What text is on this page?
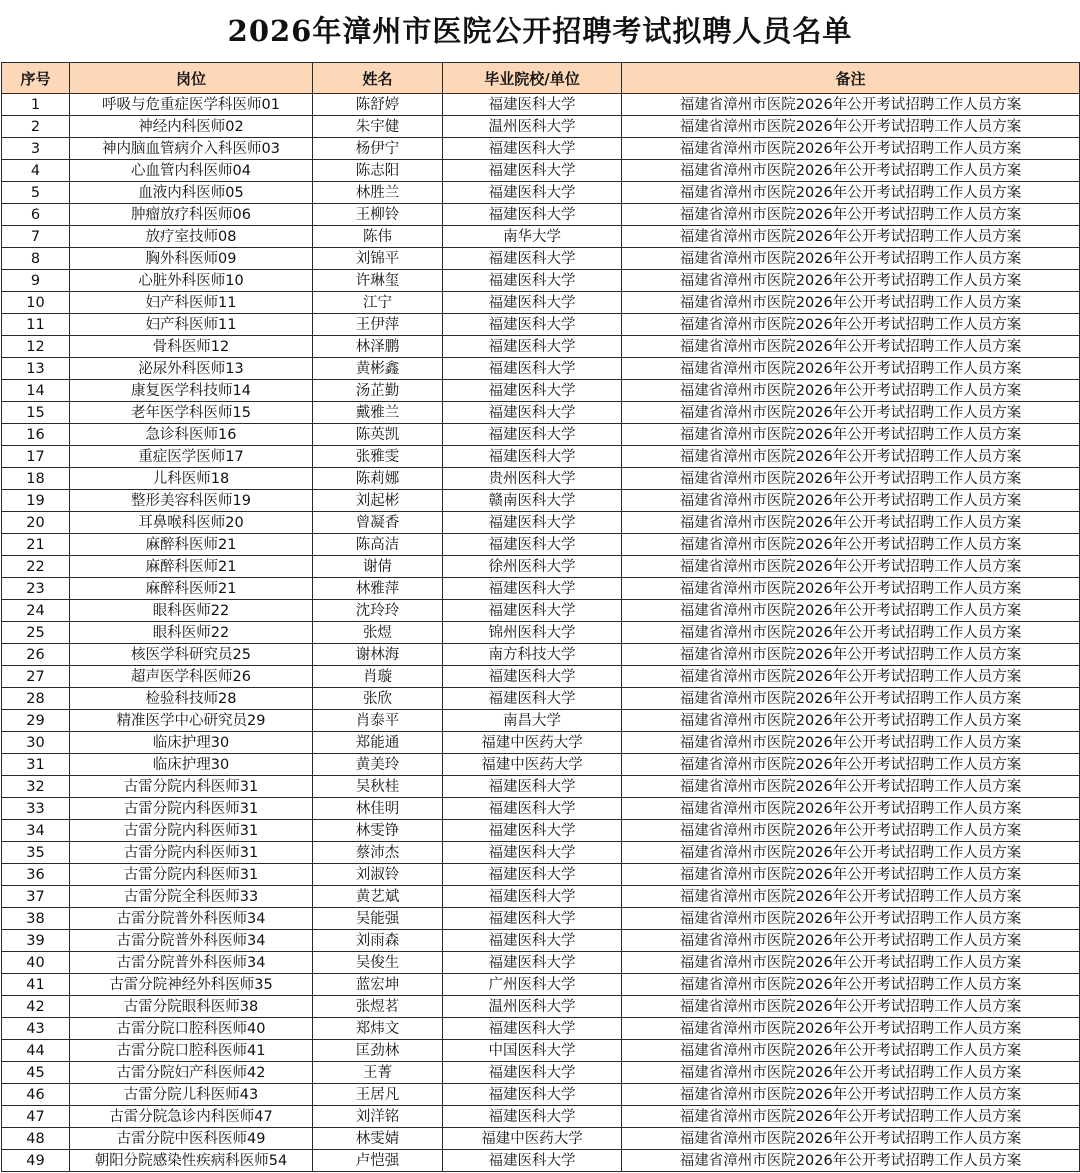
2026年漳州市医院公开招聘考试拟聘人员名单
序号	岗位	姓名	毕业院校/单位	备注
1	呼吸与危重症医学科医师01	陈舒婷	福建医科大学	福建省漳州市医院2026年公开考试招聘工作人员方案
2	神经内科医师02	朱宇健	温州医科大学	福建省漳州市医院2026年公开考试招聘工作人员方案
3	神内脑血管病介入科医师03	杨伊宁	福建医科大学	福建省漳州市医院2026年公开考试招聘工作人员方案
4	心血管内科医师04	陈志阳	福建医科大学	福建省漳州市医院2026年公开考试招聘工作人员方案
5	血液内科医师05	林胜兰	福建医科大学	福建省漳州市医院2026年公开考试招聘工作人员方案
6	肿瘤放疗科医师06	王柳铃	福建医科大学	福建省漳州市医院2026年公开考试招聘工作人员方案
7	放疗室技师08	陈伟	南华大学	福建省漳州市医院2026年公开考试招聘工作人员方案
8	胸外科医师09	刘锦平	福建医科大学	福建省漳州市医院2026年公开考试招聘工作人员方案
9	心脏外科医师10	许琳玺	福建医科大学	福建省漳州市医院2026年公开考试招聘工作人员方案
10	妇产科医师11	江宁	福建医科大学	福建省漳州市医院2026年公开考试招聘工作人员方案
11	妇产科医师11	王伊萍	福建医科大学	福建省漳州市医院2026年公开考试招聘工作人员方案
12	骨科医师12	林泽鹏	福建医科大学	福建省漳州市医院2026年公开考试招聘工作人员方案
13	泌尿外科医师13	黄彬鑫	福建医科大学	福建省漳州市医院2026年公开考试招聘工作人员方案
14	康复医学科技师14	汤芷勤	福建医科大学	福建省漳州市医院2026年公开考试招聘工作人员方案
15	老年医学科医师15	戴雅兰	福建医科大学	福建省漳州市医院2026年公开考试招聘工作人员方案
16	急诊科医师16	陈英凯	福建医科大学	福建省漳州市医院2026年公开考试招聘工作人员方案
17	重症医学医师17	张雅雯	福建医科大学	福建省漳州市医院2026年公开考试招聘工作人员方案
18	儿科医师18	陈莉娜	贵州医科大学	福建省漳州市医院2026年公开考试招聘工作人员方案
19	整形美容科医师19	刘起彬	赣南医科大学	福建省漳州市医院2026年公开考试招聘工作人员方案
20	耳鼻喉科医师20	曾凝香	福建医科大学	福建省漳州市医院2026年公开考试招聘工作人员方案
21	麻醉科医师21	陈高洁	福建医科大学	福建省漳州市医院2026年公开考试招聘工作人员方案
22	麻醉科医师21	谢倩	徐州医科大学	福建省漳州市医院2026年公开考试招聘工作人员方案
23	麻醉科医师21	林雅萍	福建医科大学	福建省漳州市医院2026年公开考试招聘工作人员方案
24	眼科医师22	沈玲玲	福建医科大学	福建省漳州市医院2026年公开考试招聘工作人员方案
25	眼科医师22	张煜	锦州医科大学	福建省漳州市医院2026年公开考试招聘工作人员方案
26	核医学科研究员25	谢林海	南方科技大学	福建省漳州市医院2026年公开考试招聘工作人员方案
27	超声医学科医师26	肖璇	福建医科大学	福建省漳州市医院2026年公开考试招聘工作人员方案
28	检验科技师28	张欣	福建医科大学	福建省漳州市医院2026年公开考试招聘工作人员方案
29	精准医学中心研究员29	肖泰平	南昌大学	福建省漳州市医院2026年公开考试招聘工作人员方案
30	临床护理30	郑能通	福建中医药大学	福建省漳州市医院2026年公开考试招聘工作人员方案
31	临床护理30	黄美玲	福建中医药大学	福建省漳州市医院2026年公开考试招聘工作人员方案
32	古雷分院内科医师31	吴秋桂	福建医科大学	福建省漳州市医院2026年公开考试招聘工作人员方案
33	古雷分院内科医师31	林佳明	福建医科大学	福建省漳州市医院2026年公开考试招聘工作人员方案
34	古雷分院内科医师31	林雯铮	福建医科大学	福建省漳州市医院2026年公开考试招聘工作人员方案
35	古雷分院内科医师31	蔡沛杰	福建医科大学	福建省漳州市医院2026年公开考试招聘工作人员方案
36	古雷分院内科医师31	刘淑铃	福建医科大学	福建省漳州市医院2026年公开考试招聘工作人员方案
37	古雷分院全科医师33	黄艺斌	福建医科大学	福建省漳州市医院2026年公开考试招聘工作人员方案
38	古雷分院普外科医师34	吴能强	福建医科大学	福建省漳州市医院2026年公开考试招聘工作人员方案
39	古雷分院普外科医师34	刘雨森	福建医科大学	福建省漳州市医院2026年公开考试招聘工作人员方案
40	古雷分院普外科医师34	吴俊生	福建医科大学	福建省漳州市医院2026年公开考试招聘工作人员方案
41	古雷分院神经外科医师35	蓝宏坤	广州医科大学	福建省漳州市医院2026年公开考试招聘工作人员方案
42	古雷分院眼科医师38	张煜茗	温州医科大学	福建省漳州市医院2026年公开考试招聘工作人员方案
43	古雷分院口腔科医师40	郑炜文	福建医科大学	福建省漳州市医院2026年公开考试招聘工作人员方案
44	古雷分院口腔科医师41	匡劲林	中国医科大学	福建省漳州市医院2026年公开考试招聘工作人员方案
45	古雷分院妇产科医师42	王菁	福建医科大学	福建省漳州市医院2026年公开考试招聘工作人员方案
46	古雷分院儿科医师43	王居凡	福建医科大学	福建省漳州市医院2026年公开考试招聘工作人员方案
47	古雷分院急诊内科医师47	刘洋铭	福建医科大学	福建省漳州市医院2026年公开考试招聘工作人员方案
48	古雷分院中医科医师49	林雯婧	福建中医药大学	福建省漳州市医院2026年公开考试招聘工作人员方案
49	朝阳分院感染性疾病科医师54	卢恺强	福建医科大学	福建省漳州市医院2026年公开考试招聘工作人员方案
